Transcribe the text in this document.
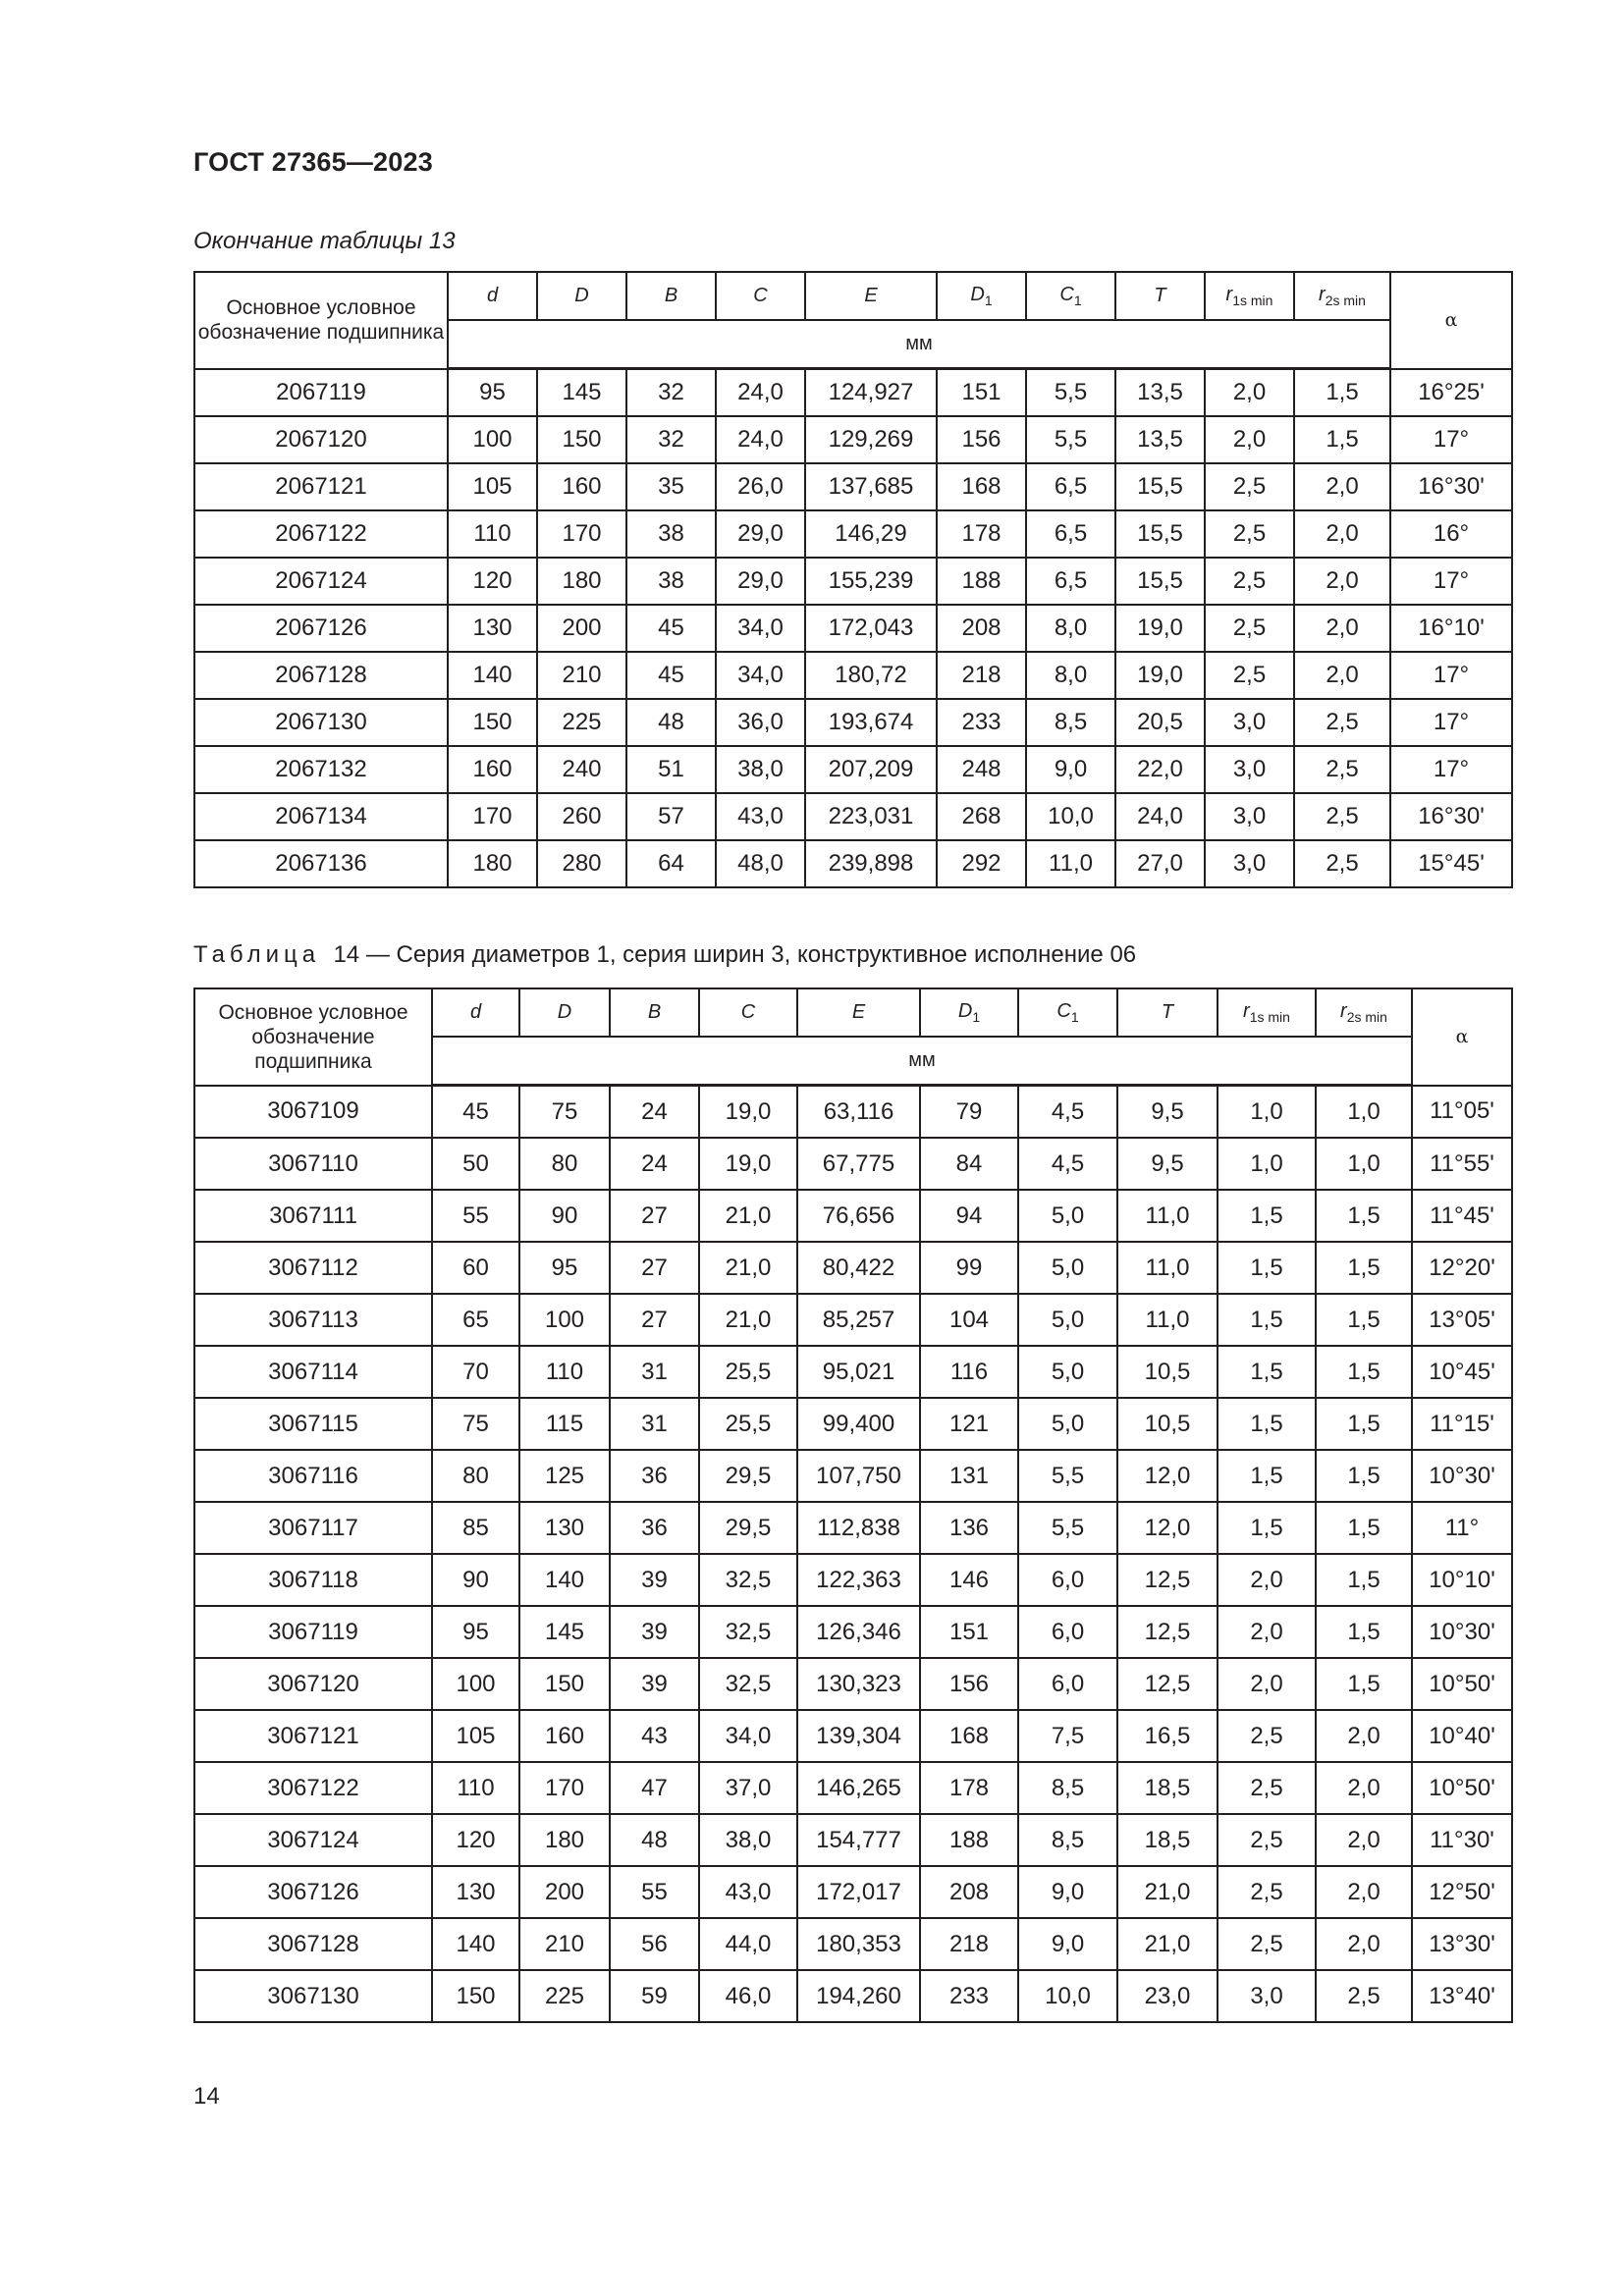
ГОСТ 27365—2023
Окончание таблицы 13
Основное условное обозначение подшипника	d	D	B	C	E	$D_1$	$C_1$	T	$r_{1s min}$	$r_{2s min}$	α
	мм										
2067119	95	145	32	24,0	124,927	151	5,5	13,5	2,0	1,5	16°25'
2067120	100	150	32	24,0	129,269	156	5,5	13,5	2,0	1,5	17°
2067121	105	160	35	26,0	137,685	168	6,5	15,5	2,5	2,0	16°30'
2067122	110	170	38	29,0	146,29	178	6,5	15,5	2,5	2,0	16°
2067124	120	180	38	29,0	155,239	188	6,5	15,5	2,5	2,0	17°
2067126	130	200	45	34,0	172,043	208	8,0	19,0	2,5	2,0	16°10'
2067128	140	210	45	34,0	180,72	218	8,0	19,0	2,5	2,0	17°
2067130	150	225	48	36,0	193,674	233	8,5	20,5	3,0	2,5	17°
2067132	160	240	51	38,0	207,209	248	9,0	22,0	3,0	2,5	17°
2067134	170	260	57	43,0	223,031	268	10,0	24,0	3,0	2,5	16°30'
2067136	180	280	64	48,0	239,898	292	11,0	27,0	3,0	2,5	15°45'
Таблица 14 — Серия диаметров 1, серия ширин 3, конструктивное исполнение 06
Основное условное обозначение подшипника	d	D	B	C	E	$D_1$	$C_1$	T	$r_{1s min}$	$r_{2s min}$	α
	мм										
3067109	45	75	24	19,0	63,116	79	4,5	9,5	1,0	1,0	11°05'
3067110	50	80	24	19,0	67,775	84	4,5	9,5	1,0	1,0	11°55'
3067111	55	90	27	21,0	76,656	94	5,0	11,0	1,5	1,5	11°45'
3067112	60	95	27	21,0	80,422	99	5,0	11,0	1,5	1,5	12°20'
3067113	65	100	27	21,0	85,257	104	5,0	11,0	1,5	1,5	13°05'
3067114	70	110	31	25,5	95,021	116	5,0	10,5	1,5	1,5	10°45'
3067115	75	115	31	25,5	99,400	121	5,0	10,5	1,5	1,5	11°15'
3067116	80	125	36	29,5	107,750	131	5,5	12,0	1,5	1,5	10°30'
3067117	85	130	36	29,5	112,838	136	5,5	12,0	1,5	1,5	11°
3067118	90	140	39	32,5	122,363	146	6,0	12,5	2,0	1,5	10°10'
3067119	95	145	39	32,5	126,346	151	6,0	12,5	2,0	1,5	10°30'
3067120	100	150	39	32,5	130,323	156	6,0	12,5	2,0	1,5	10°50'
3067121	105	160	43	34,0	139,304	168	7,5	16,5	2,5	2,0	10°40'
3067122	110	170	47	37,0	146,265	178	8,5	18,5	2,5	2,0	10°50'
3067124	120	180	48	38,0	154,777	188	8,5	18,5	2,5	2,0	11°30'
3067126	130	200	55	43,0	172,017	208	9,0	21,0	2,5	2,0	12°50'
3067128	140	210	56	44,0	180,353	218	9,0	21,0	2,5	2,0	13°30'
3067130	150	225	59	46,0	194,260	233	10,0	23,0	3,0	2,5	13°40'
14
